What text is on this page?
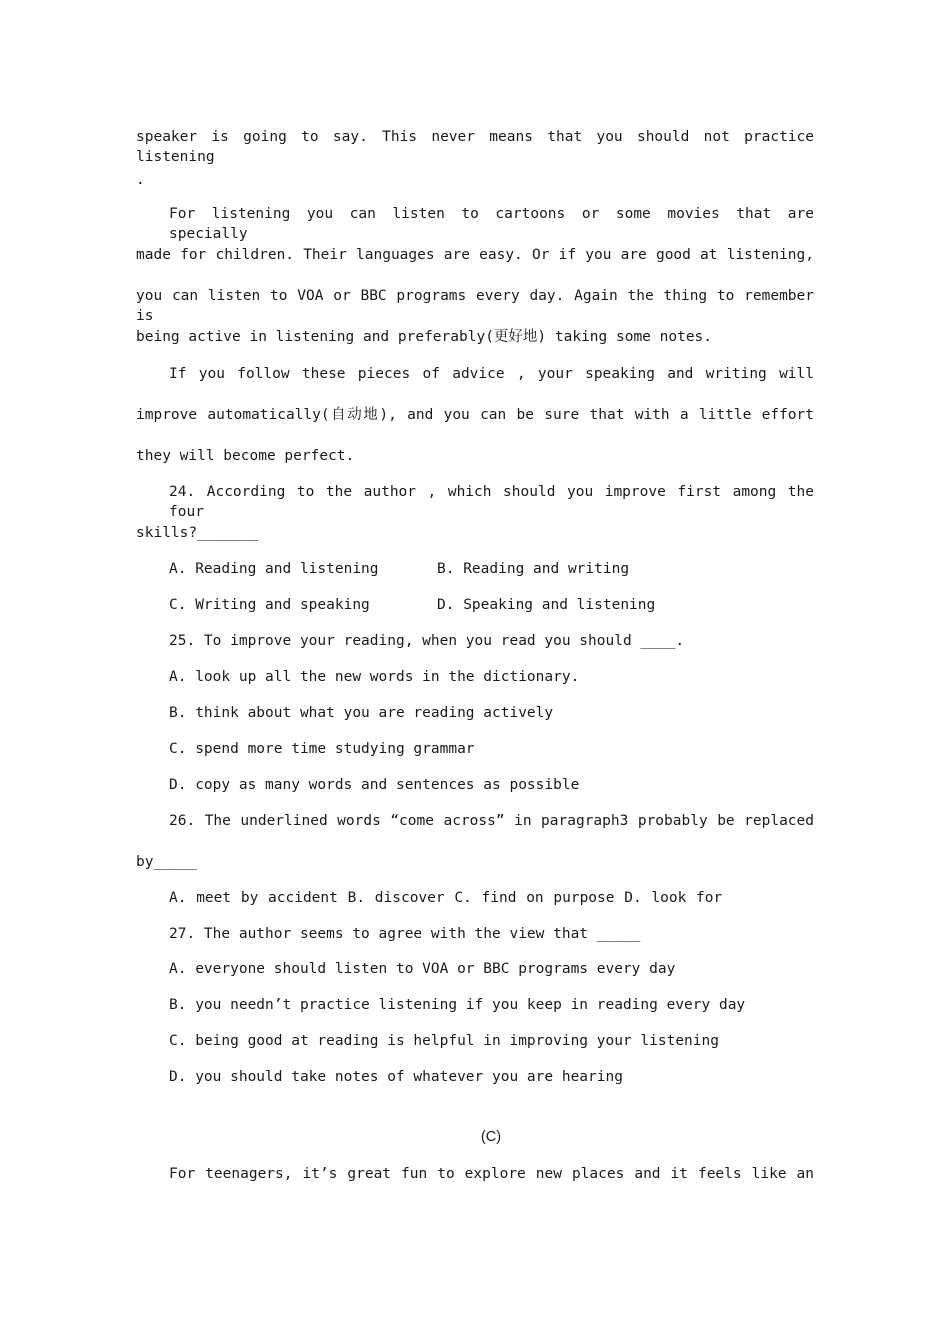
speaker is going to say. This never means that you should not practice listening
.
For listening you can listen to cartoons or some movies that are specially
made for children. Their languages are easy. Or if you are good at listening,
you can listen to VOA or BBC programs every day. Again the thing to remember is
being active in listening and preferably(更好地) taking some notes.
If you follow these pieces of advice , your speaking and writing will
improve automatically(自动地), and you can be sure that with a little effort
they will become perfect.
24. According to the author , which should you improve first among the four
skills?_______
A. Reading and listening	B. Reading and writing
C. Writing and speaking	D. Speaking and listening
25. To improve your reading, when you read you should ____.
A. look up all the new words in the dictionary.
B. think about what you are reading actively
C. spend more time studying grammar
D. copy as many words and sentences as possible
26. The underlined words “come across” in paragraph3 probably be replaced
by_____
A. meet by accident B. discover C. find on purpose D. look for
27. The author seems to agree with the view that _____
A. everyone should listen to VOA or BBC programs every day
B. you needn’t practice listening if you keep in reading every day
C. being good at reading is helpful in improving your listening
D. you should take notes of whatever you are hearing
(C)
For teenagers, it’s great fun to explore new places and it feels like an
